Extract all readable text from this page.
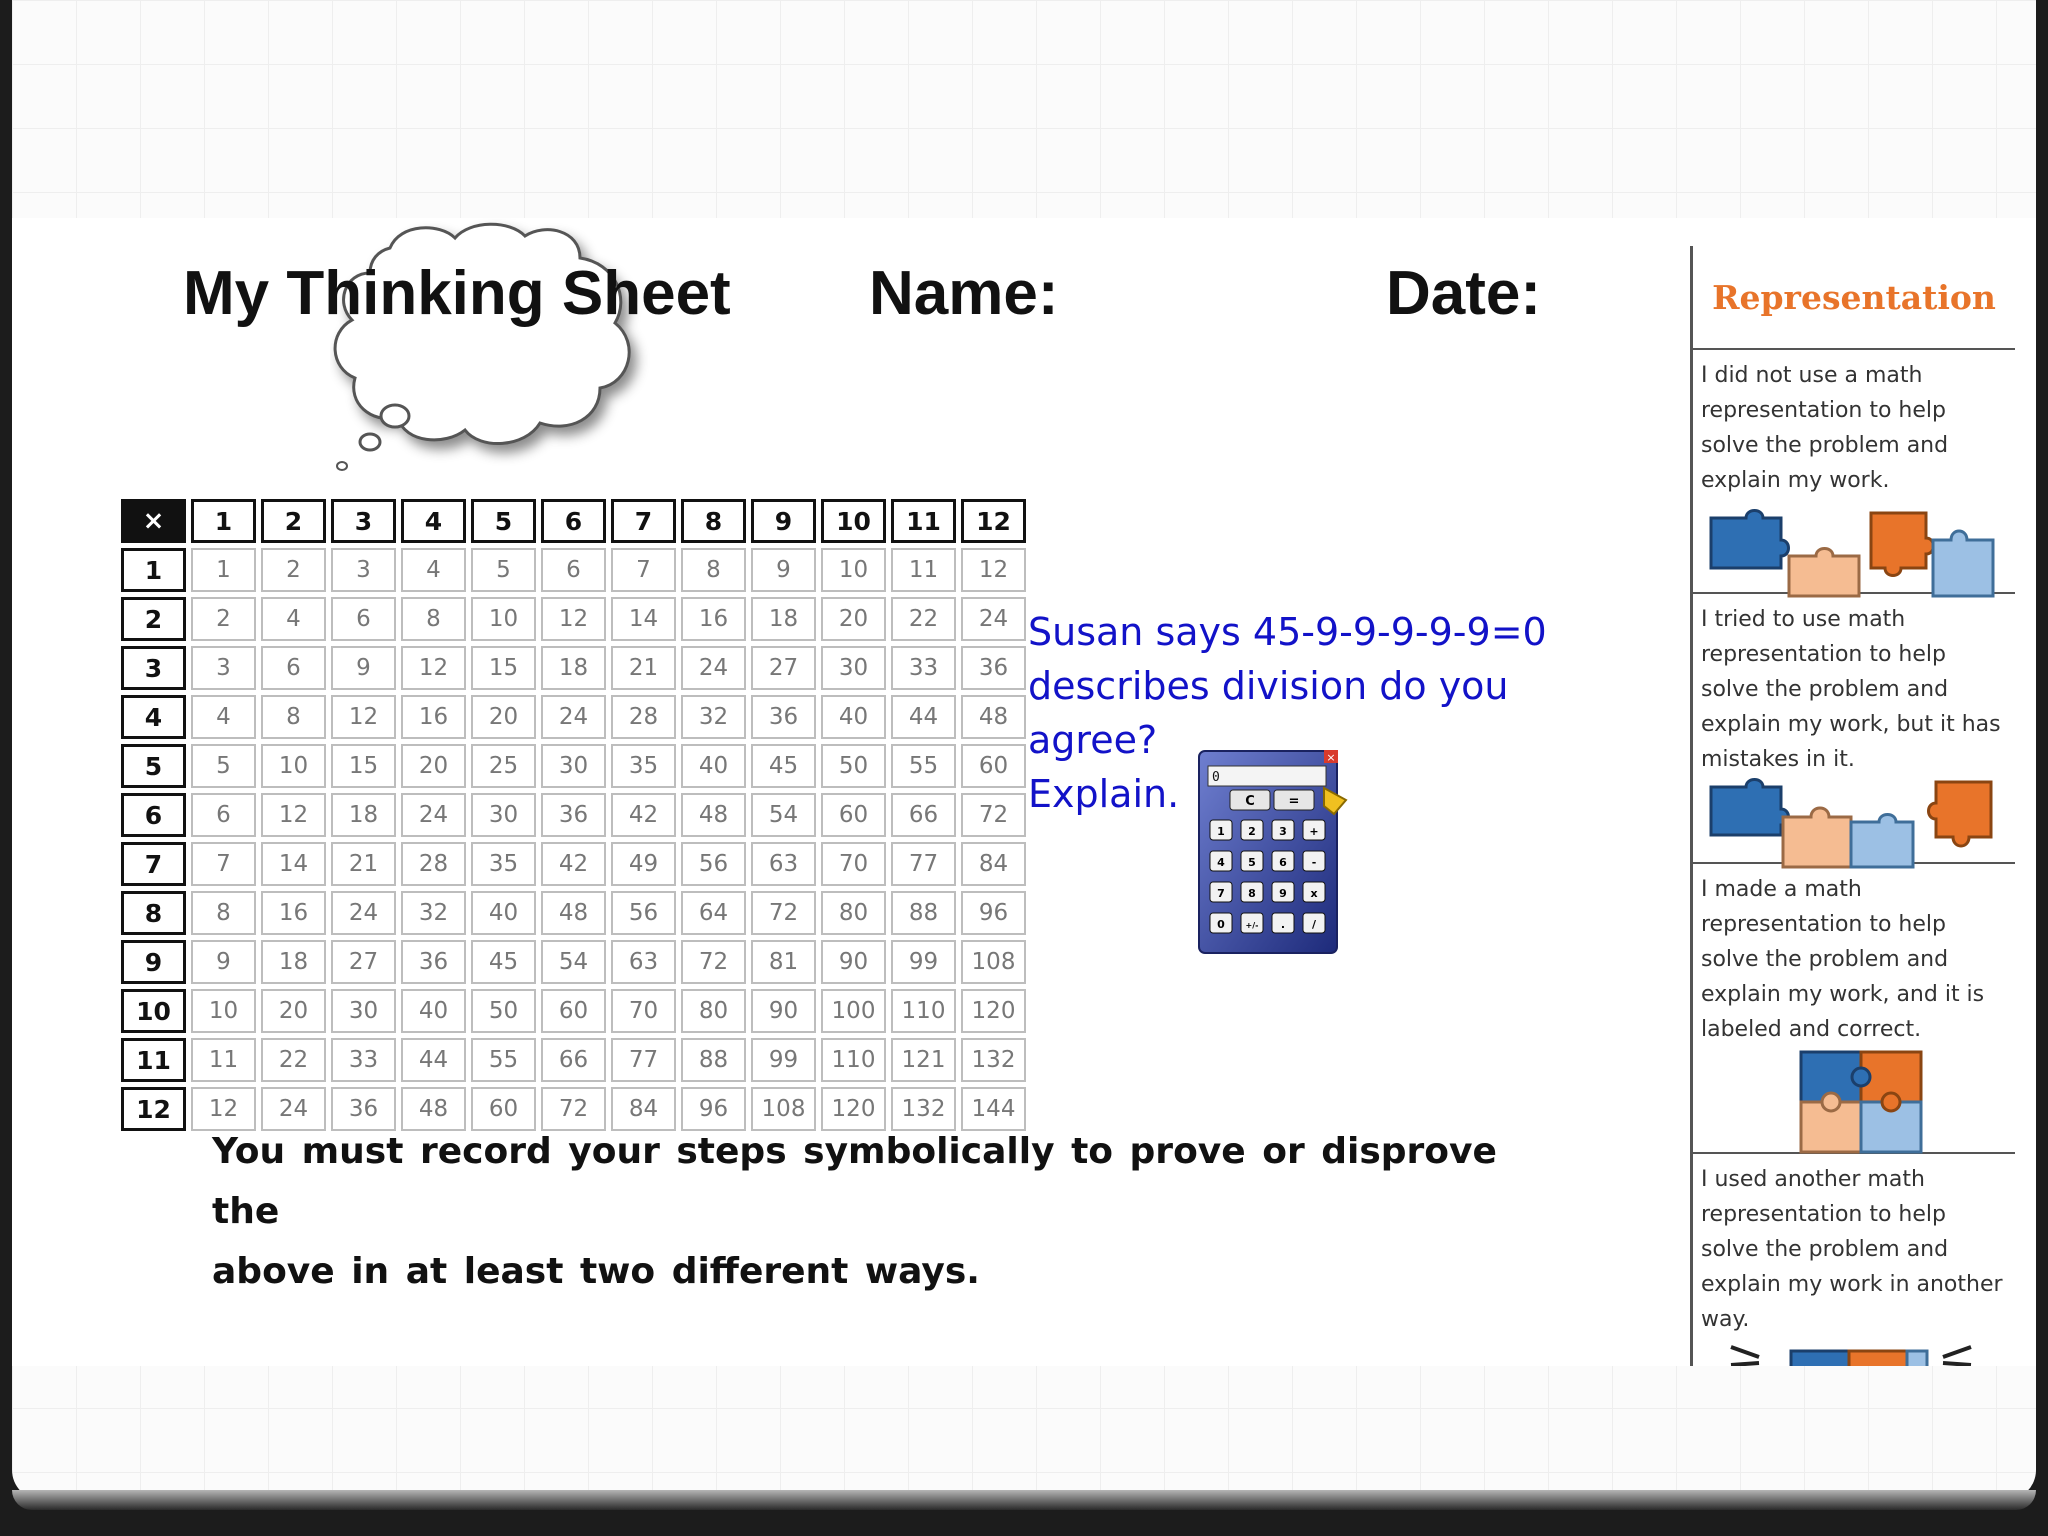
My Thinking Sheet Name:	Date:
×	1	2	3	4	5	6	7	8	9	10	11	12
1	1	2	3	4	5	6	7	8	9	10	11	12
2	2	4	6	8	10	12	14	16	18	20	22	24
3	3	6	9	12	15	18	21	24	27	30	33	36
4	4	8	12	16	20	24	28	32	36	40	44	48
5	5	10	15	20	25	30	35	40	45	50	55	60
6	6	12	18	24	30	36	42	48	54	60	66	72
7	7	14	21	28	35	42	49	56	63	70	77	84
8	8	16	24	32	40	48	56	64	72	80	88	96
9	9	18	27	36	45	54	63	72	81	90	99	108
10	10	20	30	40	50	60	70	80	90	100	110	120
11	11	22	33	44	55	66	77	88	99	110	121	132
12	12	24	36	48	60	72	84	96	108	120	132	144
Susan says 45-9-9-9-9-9=0
describes division do you agree?
Explain.
×
0
C	=
1 2 3 +
4 5 6 -
7 8 9 x
0	+/- . /
You must record your steps symbolically to prove or disprove the
above in at least two different ways.
Representation
I did not use a math representation to help solve the problem and explain my work.
I tried to use math representation to help solve the problem and explain my work, but it has mistakes in it.
I made a math representation to help solve the problem and explain my work, and it is labeled and correct.
I used another math representation to help solve the problem and explain my work in another way.
